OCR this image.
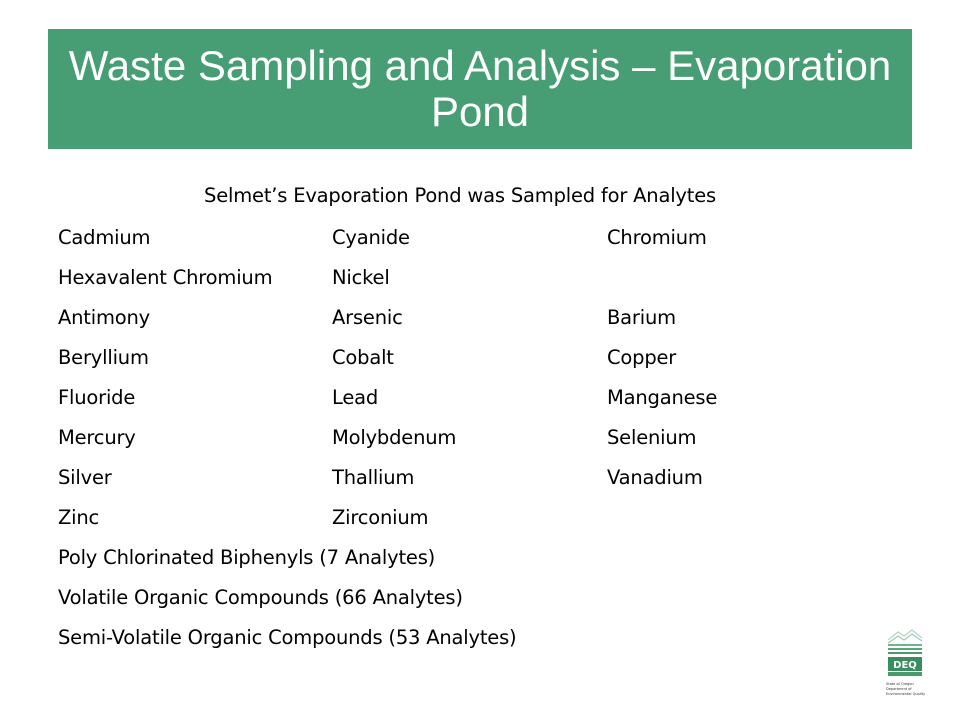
Waste Sampling and Analysis – Evaporation Pond
Selmet’s Evaporation Pond was Sampled for Analytes
Cadmium	Cyanide	Chromium
Hexavalent Chromium	Nickel
Antimony	Arsenic	Barium
Beryllium	Cobalt	Copper
Fluoride	Lead	Manganese
Mercury	Molybdenum	Selenium
Silver	Thallium	Vanadium
Zinc	Zirconium
Poly Chlorinated Biphenyls (7 Analytes)
Volatile Organic Compounds (66 Analytes)
Semi-Volatile Organic Compounds (53 Analytes)
DEQ
State of Oregon Department of Environmental Quality
